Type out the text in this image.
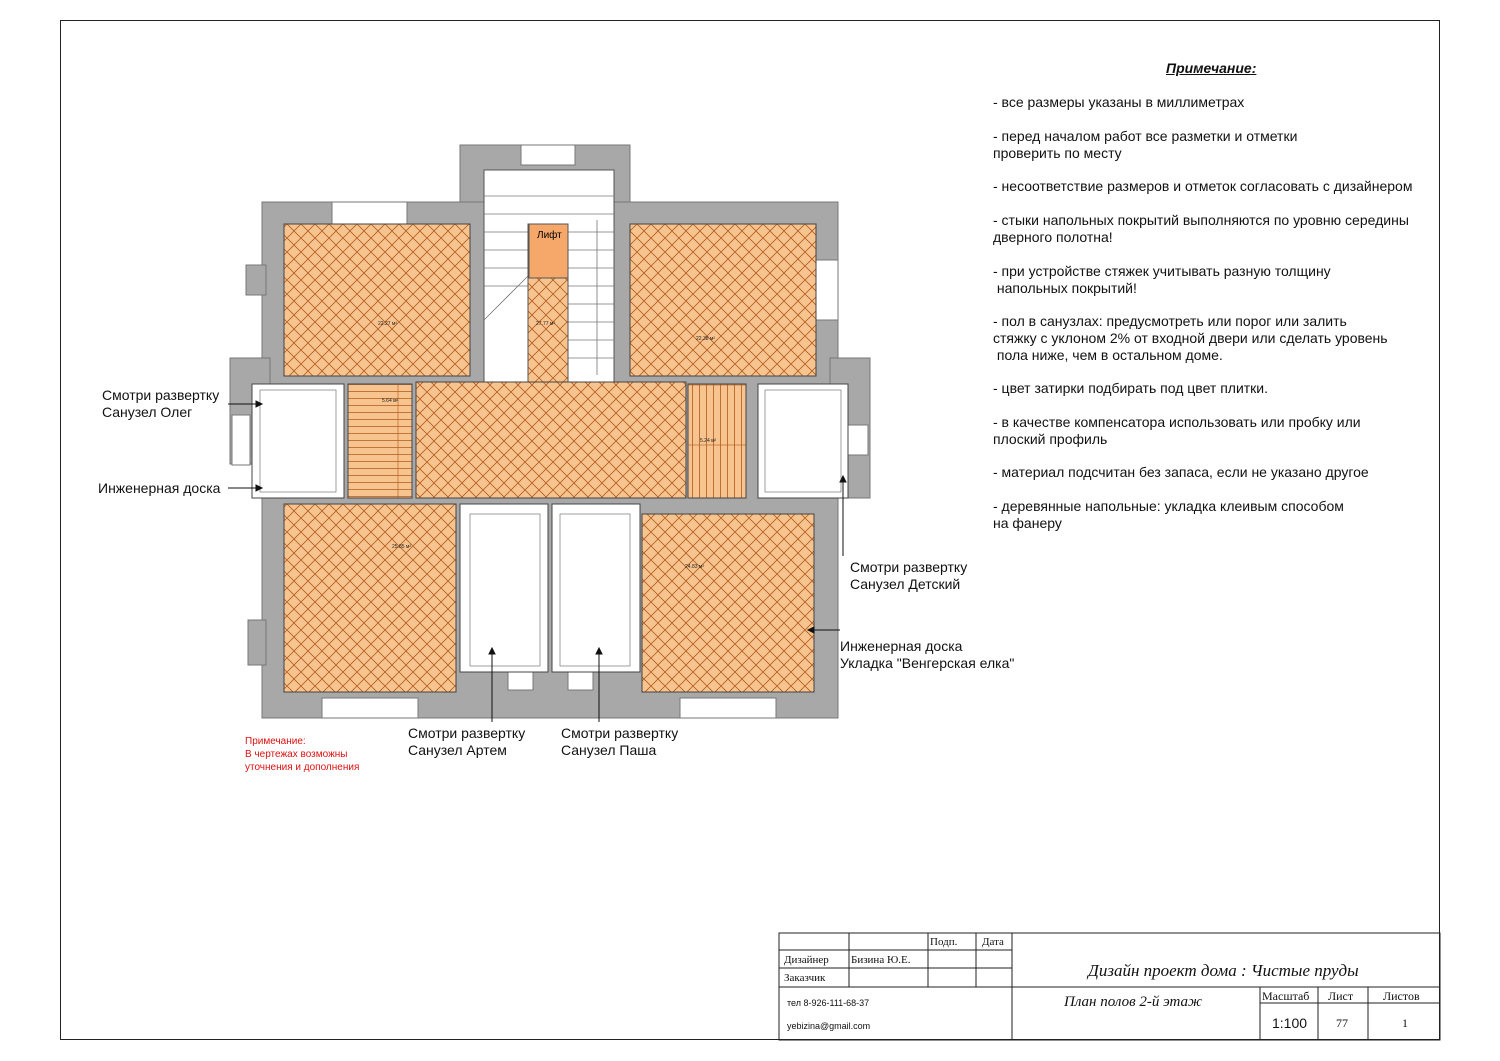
Лифт
22.27 м²	27.77 м²
22.38 м²
5.64 м²
5.24 м²
25.85 м²
24.83 м²
Примечание:
- все размеры указаны в миллиметрах
- перед началом работ все разметки и отметки
проверить по месту
- несоответствие размеров и отметок согласовать с дизайнером
- стыки напольных покрытий выполняются по уровню середины
дверного полотна!
- при устройстве стяжек учитывать разную толщину
напольных покрытий!
- пол в санузлах: предусмотреть или порог или залить
стяжку с уклоном 2% от входной двери или сделать уровень
пола ниже, чем в остальном доме.
- цвет затирки подбирать под цвет плитки.
- в качестве компенсатора использовать или пробку или
плоский профиль
- материал подсчитан без запаса, если не указано другое
- деревянные напольные: укладка клеивым способом
на фанеру
Смотри развертку
Санузел Олег
Инженерная доска
Смотри развертку
Санузел Детский
Инженерная доска
Укладка "Венгерская елка"
Смотри развертку
Санузел Артем
Смотри развертку
Санузел Паша
Примечание:
В чертежах возможны
уточнения и дополнения
Подп. Дата
Дизайнер Бизина Ю.Е.
Заказчик
тел 8-926-111-68-37
yebizina@gmail.com
Дизайн проект дома : Чистые пруды
План полов 2-й этаж	Масштаб Лист Листов
1:100 77	1
